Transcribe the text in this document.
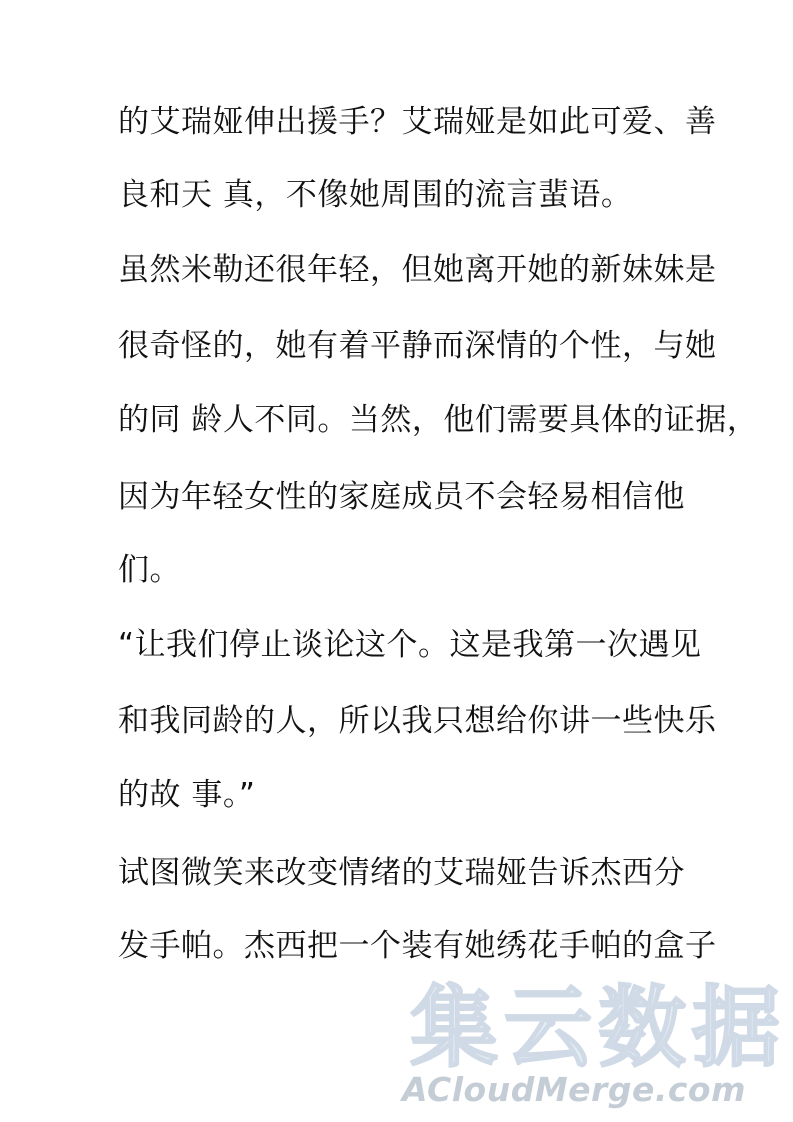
的艾瑞娅伸出援手？艾瑞娅是如此可爱、善
良和天 真，不像她周围的流言蜚语。
虽然米勒还很年轻，但她离开她的新妹妹是
很奇怪的，她有着平静而深情的个性，与她
的同 龄人不同。当然，他们需要具体的证据，
因为年轻女性的家庭成员不会轻易相信他
们。
“让我们停止谈论这个。这是我第一次遇见
和我同龄的人，所以我只想给你讲一些快乐
的故 事。”
试图微笑来改变情绪的艾瑞娅告诉杰西分
发手帕。杰西把一个装有她绣花手帕的盒子
集云数据
ACloudMerge.com
